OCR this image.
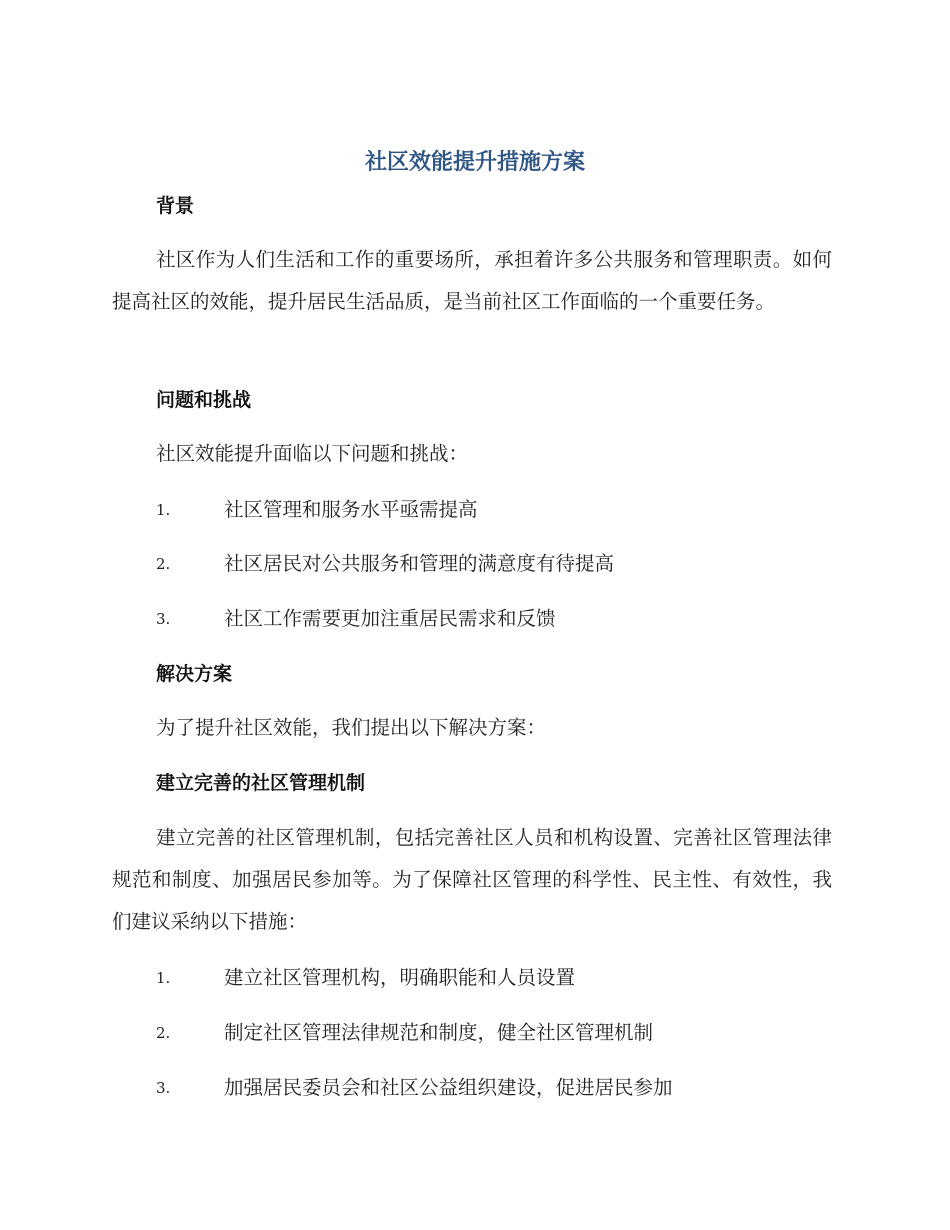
社区效能提升措施方案
背景

社区作为人们生活和工作的重要场所，承担着许多公共服务和管理职责。如何提高社区的效能，提升居民生活品质，是当前社区工作面临的一个重要任务。

问题和挑战

社区效能提升面临以下问题和挑战：

1.	社区管理和服务水平亟需提高
2.	社区居民对公共服务和管理的满意度有待提高
3.	社区工作需要更加注重居民需求和反馈
解决方案

为了提升社区效能，我们提出以下解决方案：

建立完善的社区管理机制

建立完善的社区管理机制，包括完善社区人员和机构设置、完善社区管理法律规范和制度、加强居民参加等。为了保障社区管理的科学性、民主性、有效性，我们建议采纳以下措施：

1.	建立社区管理机构，明确职能和人员设置
2.	制定社区管理法律规范和制度，健全社区管理机制
3.	加强居民委员会和社区公益组织建设，促进居民参加
